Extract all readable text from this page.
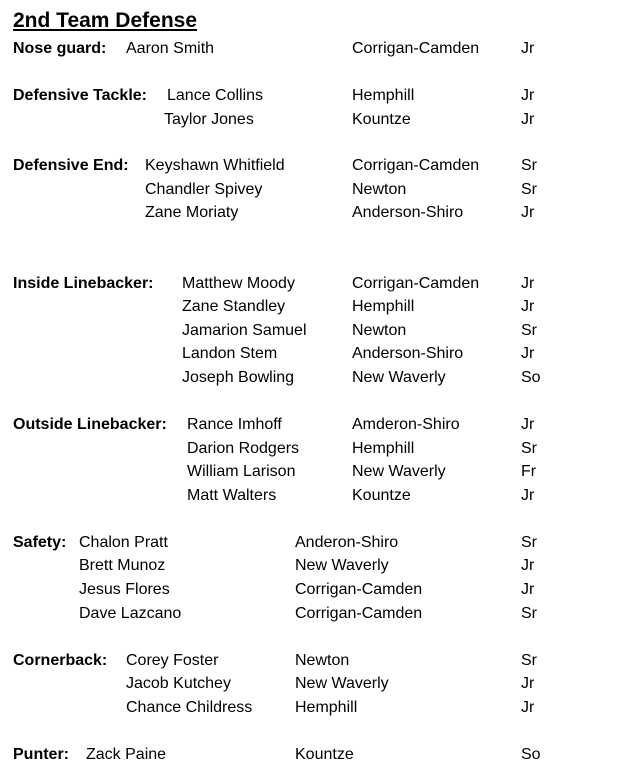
2nd Team Defense
Nose guard: Aaron Smith	Corrigan-Camden	Jr
Defensive Tackle: Lance Collins	Hemphill	Jr
Taylor Jones	Kountze	Jr
Defensive End: Keyshawn Whitfield	Corrigan-Camden	Sr
Chandler Spivey	Newton	Sr
Zane Moriaty	Anderson-Shiro	Jr
Inside Linebacker: Matthew Moody	Corrigan-Camden	Jr
Zane Standley	Hemphill	Jr
Jamarion Samuel	Newton	Sr
Landon Stem	Anderson-Shiro	Jr
Joseph Bowling	New Waverly	So
Outside Linebacker: Rance Imhoff	Amderon-Shiro	Jr
Darion Rodgers	Hemphill	Sr
William Larison	New Waverly	Fr
Matt Walters	Kountze	Jr
Safety: Chalon Pratt	Anderon-Shiro	Sr
Brett Munoz	New Waverly	Jr
Jesus Flores	Corrigan-Camden	Jr
Dave Lazcano	Corrigan-Camden	Sr
Cornerback: Corey Foster	Newton	Sr
Jacob Kutchey	New Waverly	Jr
Chance Childress	Hemphill	Jr
Punter: Zack Paine	Kountze	So
